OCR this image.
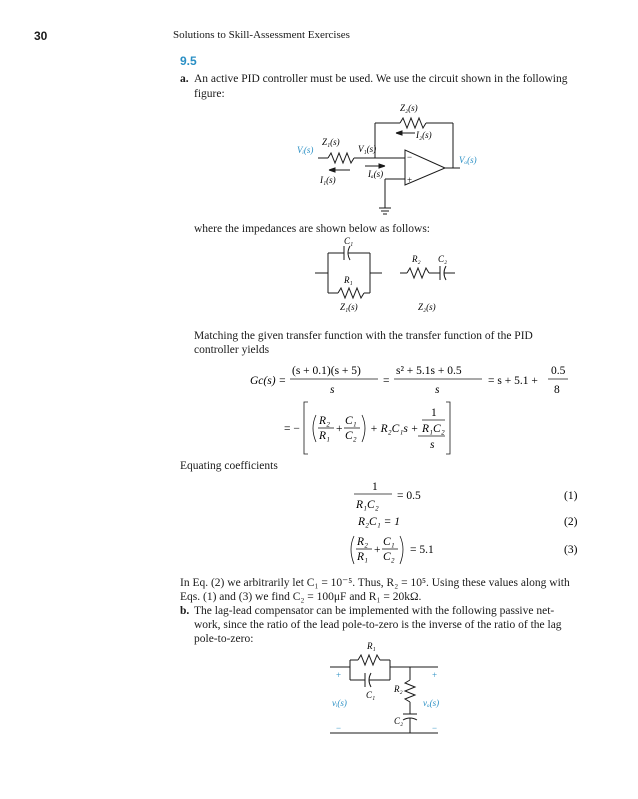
30	Solutions to Skill-Assessment Exercises
9.5
a. An active PID controller must be used. We use the circuit shown in the following
figure:
Z₂(s)
I₂(s)
Z₁(s)
V₁(s)
Vᵢ(s)
Iₐ(s)
I₁(s)
Vₒ(s)
−
+
where the impedances are shown below as follows:
C₁
R₁
Z₁(s)
R₂ C₂
Z₂(s)
Matching the given transfer function with the transfer function of the PID
controller yields
Gc(s) =
(s + 0.1)(s + 5)
s
=
s² + 5.1s + 0.5
s
= s + 5.1 +
0.5
8
= −
R₂
R₁
+
C₁
C₂
+ R₂C₁s +
1
R₁C₂
s
Equating coefficients
1
R₁C₂
= 0.5	(1)
R₂C₁ = 1	(2)
R₂
R₁
+
C₁
C₂
= 5.1	(3)
In Eq. (2) we arbitrarily let C₁ = 10⁻⁵. Thus, R₂ = 10⁵. Using these values along with
Eqs. (1) and (3) we find C₂ = 100μF and R₁ = 20kΩ.
b. The lag-lead compensator can be implemented with the following passive net-
work, since the ratio of the lead pole-to-zero is the inverse of the ratio of the lag
pole-to-zero:
R₁
C₁
R₂
C₂
vᵢ(s)	vₒ(s)
+	+
−	−
